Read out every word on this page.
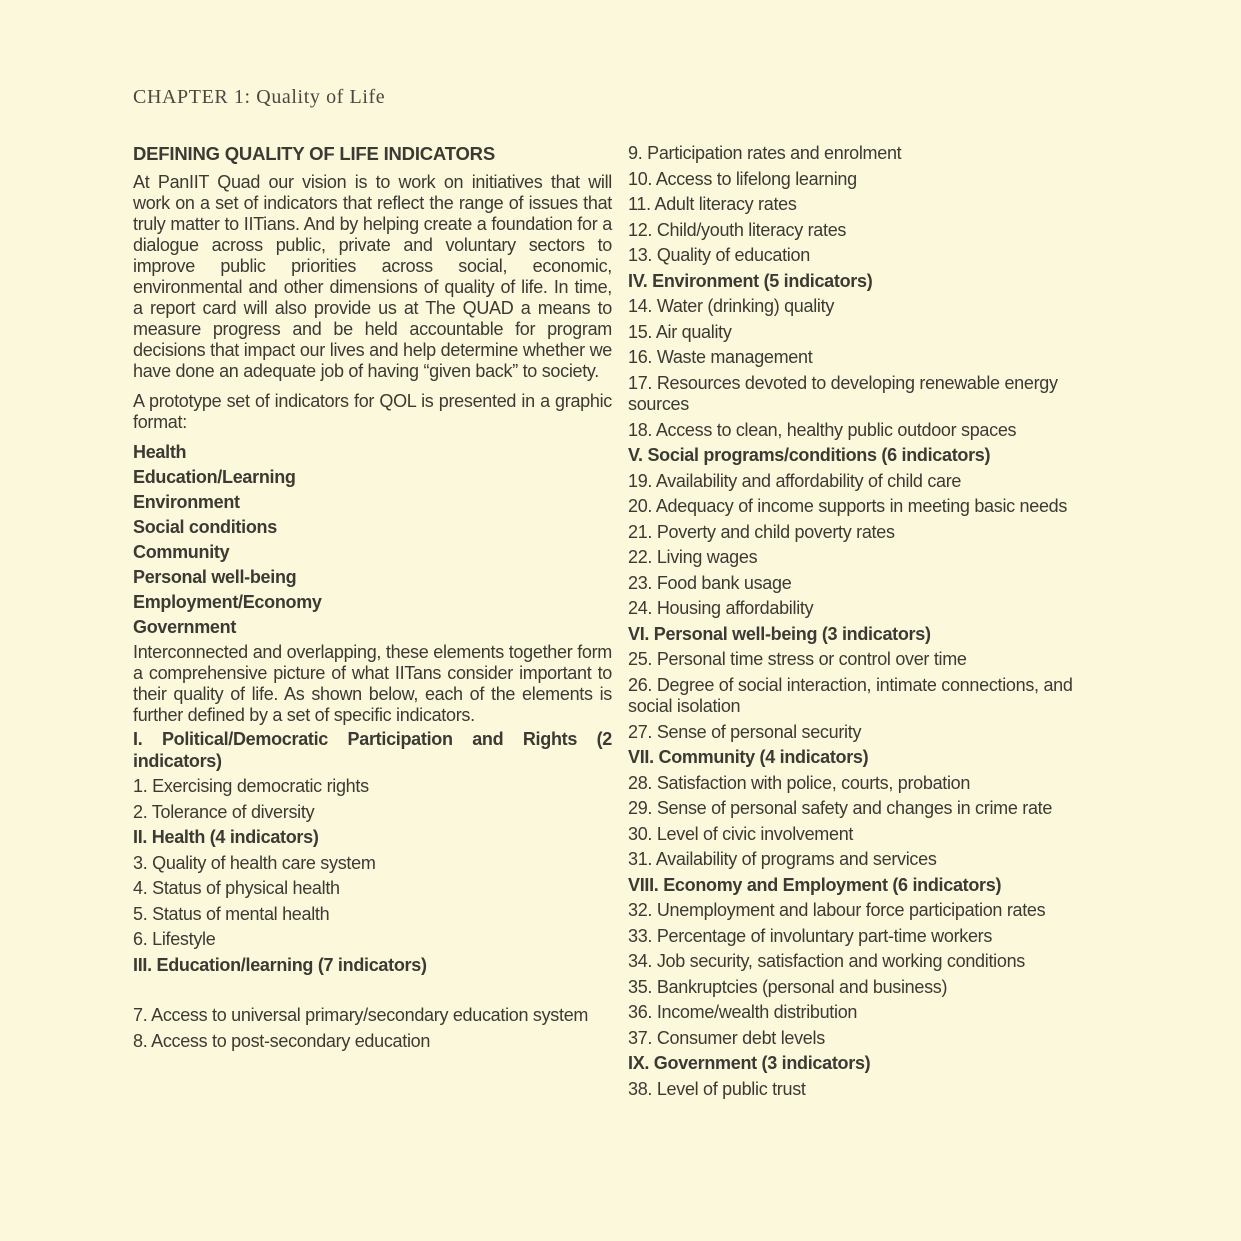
CHAPTER 1: Quality of Life

DEFINING QUALITY OF LIFE INDICATORS

At PanIIT Quad our vision is to work on initiatives that will work on a set of indicators that reflect the range of issues that truly matter to IITians. And by helping create a foundation for a dialogue across public, private and voluntary sectors to improve public priorities across social, economic, environmental and other dimensions of quality of life. In time, a report card will also provide us at The QUAD a means to measure progress and be held accountable for program decisions that impact our lives and help determine whether we have done an adequate job of having “given back” to society.

A prototype set of indicators for QOL is presented in a graphic format:

Health

Education/Learning

Environment

Social conditions

Community

Personal well-being

Employment/Economy

Government

Interconnected and overlapping, these elements together form a comprehensive picture of what IITans consider important to their quality of life. As shown below, each of the elements is further defined by a set of specific indicators.

I. Political/Democratic Participation and Rights (2 indicators)

1. Exercising democratic rights

2. Tolerance of diversity

II. Health (4 indicators)

3. Quality of health care system

4. Status of physical health

5. Status of mental health

6. Lifestyle

III. Education/learning (7 indicators)

7. Access to universal primary/secondary education system

8. Access to post-secondary education

9. Participation rates and enrolment

10. Access to lifelong learning

11. Adult literacy rates

12. Child/youth literacy rates

13. Quality of education

IV. Environment (5 indicators)

14. Water (drinking) quality

15. Air quality

16. Waste management

17. Resources devoted to developing renewable energy sources

18. Access to clean, healthy public outdoor spaces

V. Social programs/conditions (6 indicators)

19. Availability and affordability of child care

20. Adequacy of income supports in meeting basic needs

21. Poverty and child poverty rates

22. Living wages

23. Food bank usage

24. Housing affordability

VI. Personal well-being (3 indicators)

25. Personal time stress or control over time

26. Degree of social interaction, intimate connections, and social isolation

27. Sense of personal security

VII. Community (4 indicators)

28. Satisfaction with police, courts, probation

29. Sense of personal safety and changes in crime rate

30. Level of civic involvement

31. Availability of programs and services

VIII. Economy and Employment (6 indicators)

32. Unemployment and labour force participation rates

33. Percentage of involuntary part-time workers

34. Job security, satisfaction and working conditions

35. Bankruptcies (personal and business)

36. Income/wealth distribution

37. Consumer debt levels

IX. Government (3 indicators)

38. Level of public trust
